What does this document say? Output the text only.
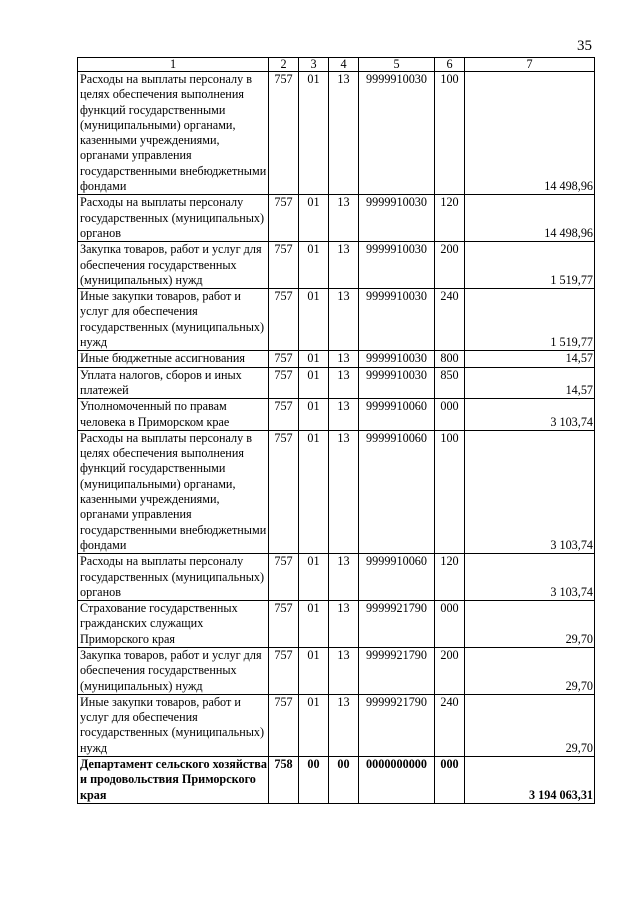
35
1	2	3	4	5	6	7
Расходы на выплаты персоналу в целях обеспечения выполнения функций государственными (муниципальными) органами, казенными учреждениями, органами управления государственными внебюджетными фондами	757	01	13	9999910030	100	14 498,96
Расходы на выплаты персоналу государственных (муниципальных) органов	757	01	13	9999910030	120	14 498,96
Закупка товаров, работ и услуг для обеспечения государственных (муниципальных) нужд	757	01	13	9999910030	200	1 519,77
Иные закупки товаров, работ и услуг для обеспечения государственных (муниципальных) нужд	757	01	13	9999910030	240	1 519,77
Иные бюджетные ассигнования	757	01	13	9999910030	800	14,57
Уплата налогов, сборов и иных платежей	757	01	13	9999910030	850	14,57
Уполномоченный по правам человека в Приморском крае	757	01	13	9999910060	000	3 103,74
Расходы на выплаты персоналу в целях обеспечения выполнения функций государственными (муниципальными) органами, казенными учреждениями, органами управления государственными внебюджетными фондами	757	01	13	9999910060	100	3 103,74
Расходы на выплаты персоналу государственных (муниципальных) органов	757	01	13	9999910060	120	3 103,74
Страхование государственных гражданских служащих Приморского края	757	01	13	9999921790	000	29,70
Закупка товаров, работ и услуг для обеспечения государственных (муниципальных) нужд	757	01	13	9999921790	200	29,70
Иные закупки товаров, работ и услуг для обеспечения государственных (муниципальных) нужд	757	01	13	9999921790	240	29,70
Департамент сельского хозяйства и продовольствия Приморского края	758	00	00	0000000000	000	3 194 063,31
